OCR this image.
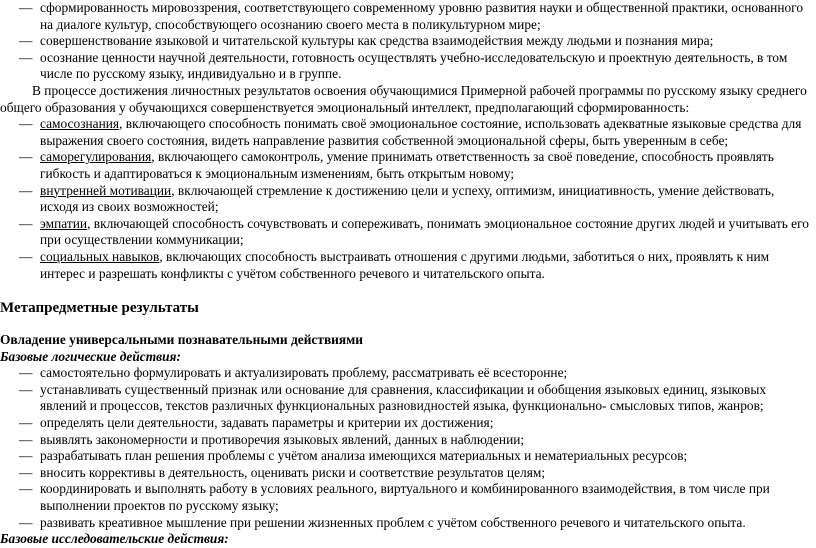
— сформированность мировоззрения, соответствующего современному уровню развития науки и общественной практики, основанного на диалоге культур, способствующего осознанию своего места в поликультурном мире;
— совершенствование языковой и читательской культуры как средства взаимодействия между людьми и познания мира;
— осознание ценности научной деятельности, готовность осуществлять учебно-исследовательскую и проектную деятельность, в том числе по русскому языку, индивидуально и в группе.
В процессе достижения личностных результатов освоения обучающимися Примерной рабочей программы по русскому языку среднего общего образования у обучающихся совершенствуется эмоциональный интеллект, предполагающий сформированность:
— самосознания, включающего способность понимать своё эмоциональное состояние, использовать адекватные языковые средства для выражения своего состояния, видеть направление развития собственной эмоциональной сферы, быть уверенным в себе;
— саморегулирования, включающего самоконтроль, умение принимать ответственность за своё поведение, способность проявлять гибкость и адаптироваться к эмоциональным изменениям, быть открытым новому;
— внутренней мотивации, включающей стремление к достижению цели и успеху, оптимизм, инициативность, умение действовать, исходя из своих возможностей;
— эмпатии, включающей способность сочувствовать и сопереживать, понимать эмоциональное состояние других людей и учитывать его при осуществлении коммуникации;
— социальных навыков, включающих способность выстраивать отношения с другими людьми, заботиться о них, проявлять к ним интерес и разрешать конфликты с учётом собственного речевого и читательского опыта.
Метапредметные результаты
Овладение универсальными познавательными действиями
Базовые логические действия:
— самостоятельно формулировать и актуализировать проблему, рассматривать её всесторонне;
— устанавливать существенный признак или основание для сравнения, классификации и обобщения языковых единиц, языковых явлений и процессов, текстов различных функциональных разновидностей языка, функционально- смысловых типов, жанров;
— определять цели деятельности, задавать параметры и критерии их достижения;
— выявлять закономерности и противоречия языковых явлений, данных в наблюдении;
— разрабатывать план решения проблемы с учётом анализа имеющихся материальных и нематериальных ресурсов;
— вносить коррективы в деятельность, оценивать риски и соответствие результатов целям;
— координировать и выполнять работу в условиях реального, виртуального и комбинированного взаимодействия, в том числе при выполнении проектов по русскому языку;
— развивать креативное мышление при решении жизненных проблем с учётом собственного речевого и читательского опыта.
Базовые исследовательские действия:
